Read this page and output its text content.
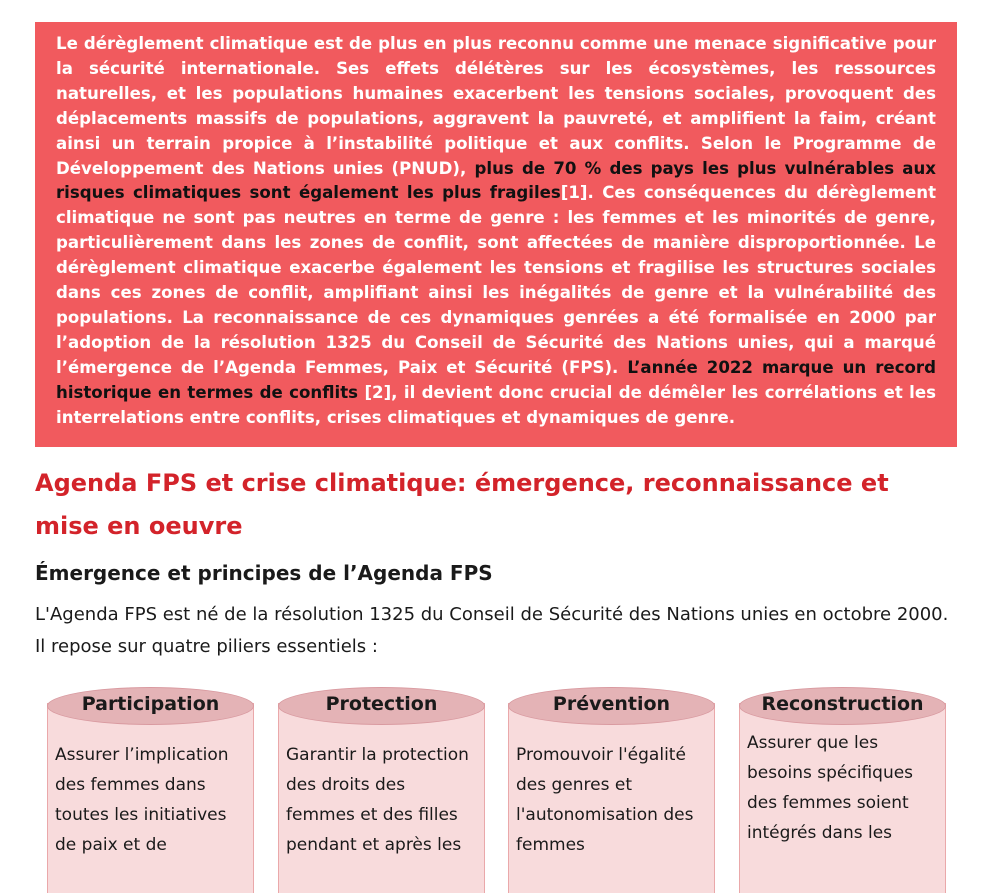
Le dérèglement climatique est de plus en plus reconnu comme une menace significative pour la sécurité internationale. Ses effets délétères sur les écosystèmes, les ressources naturelles, et les populations humaines exacerbent les tensions sociales, provoquent des déplacements massifs de populations, aggravent la pauvreté, et amplifient la faim, créant ainsi un terrain propice à l’instabilité politique et aux conflits. Selon le Programme de Développement des Nations unies (PNUD), plus de 70 % des pays les plus vulnérables aux risques climatiques sont également les plus fragiles[1]. Ces conséquences du dérèglement climatique ne sont pas neutres en terme de genre : les femmes et les minorités de genre, particulièrement dans les zones de conflit, sont affectées de manière disproportionnée. Le dérèglement climatique exacerbe également les tensions et fragilise les structures sociales dans ces zones de conflit, amplifiant ainsi les inégalités de genre et la vulnérabilité des populations. La reconnaissance de ces dynamiques genrées a été formalisée en 2000 par l’adoption de la résolution 1325 du Conseil de Sécurité des Nations unies, qui a marqué l’émergence de l’Agenda Femmes, Paix et Sécurité (FPS). L’année 2022 marque un record historique en termes de conflits [2], il devient donc crucial de démêler les corrélations et les interrelations entre conflits, crises climatiques et dynamiques de genre.

Agenda FPS et crise climatique: émergence, reconnaissance et mise en oeuvre
Émergence et principes de l’Agenda FPS

L'Agenda FPS est né de la résolution 1325 du Conseil de Sécurité des Nations unies en octobre 2000. Il repose sur quatre piliers essentiels :

Participation

Assurer l’implication des femmes dans toutes les initiatives de paix et de

Protection

Garantir la protection des droits des femmes et des filles pendant et après les

Prévention

Promouvoir l'égalité des genres et l'autonomisation des femmes

Reconstruction

Assurer que les besoins spécifiques des femmes soient intégrés dans les
